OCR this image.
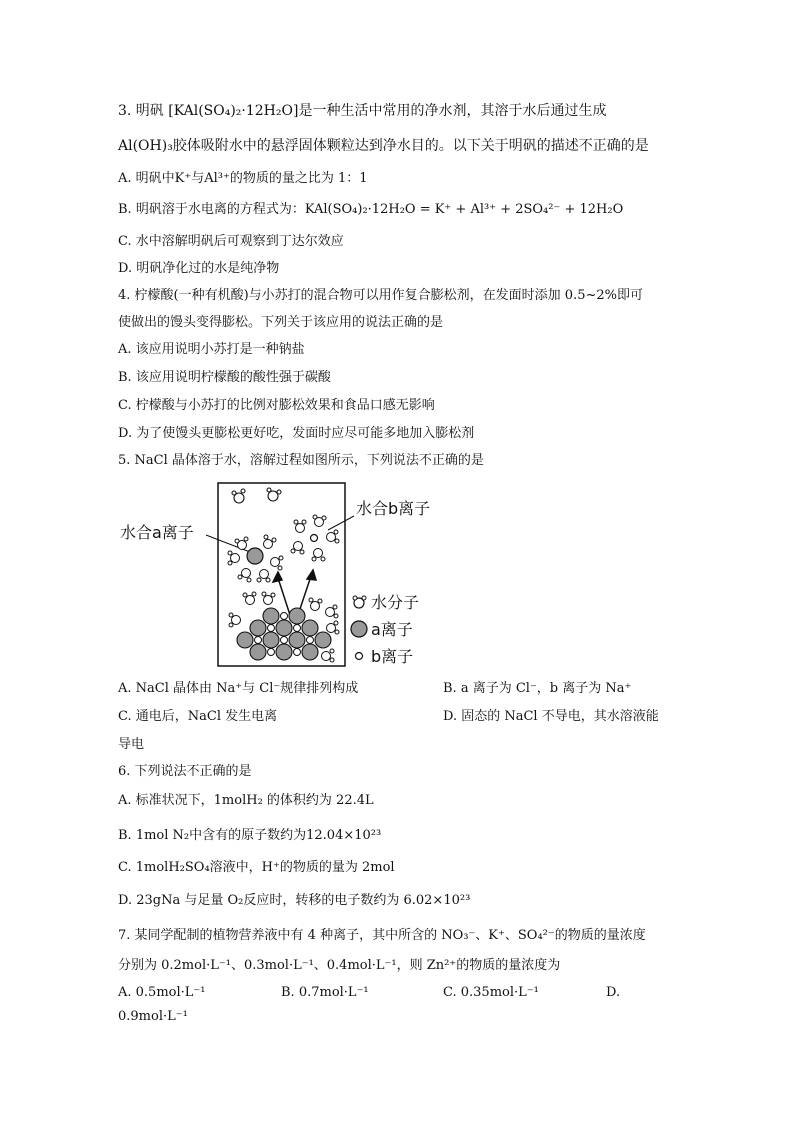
3. 明矾 [KAl(SO₄)₂·12H₂O]是一种生活中常用的净水剂，其溶于水后通过生成
Al(OH)₃胶体吸附水中的悬浮固体颗粒达到净水目的。以下关于明矾的描述不正确的是
A. 明矾中K⁺与Al³⁺的物质的量之比为 1：1
B. 明矾溶于水电离的方程式为：KAl(SO₄)₂·12H₂O = K⁺ + Al³⁺ + 2SO₄²⁻ + 12H₂O
C. 水中溶解明矾后可观察到丁达尔效应
D. 明矾净化过的水是纯净物
4. 柠檬酸(一种有机酸)与小苏打的混合物可以用作复合膨松剂，在发面时添加 0.5~2%即可
使做出的馒头变得膨松。下列关于该应用的说法正确的是
A. 该应用说明小苏打是一种钠盐
B. 该应用说明柠檬酸的酸性强于碳酸
C. 柠檬酸与小苏打的比例对膨松效果和食品口感无影响
D. 为了使馒头更膨松更好吃，发面时应尽可能多地加入膨松剂
5. NaCl 晶体溶于水，溶解过程如图所示，下列说法不正确的是
水合a离子
水合b离子
水分子
a离子
b离子
A. NaCl 晶体由 Na⁺与 Cl⁻规律排列构成	B. a 离子为 Cl⁻，b 离子为 Na⁺
C. 通电后，NaCl 发生电离	D. 固态的 NaCl 不导电，其水溶液能
导电
6. 下列说法不正确的是
A. 标准状况下，1molH₂ 的体积约为 22.4L
B. 1mol N₂中含有的原子数约为12.04×10²³
C. 1molH₂SO₄溶液中，H⁺的物质的量为 2mol
D. 23gNa 与足量 O₂反应时，转移的电子数约为 6.02×10²³
7. 某同学配制的植物营养液中有 4 种离子，其中所含的 NO₃⁻、K⁺、SO₄²⁻的物质的量浓度
分别为 0.2mol·L⁻¹、0.3mol·L⁻¹、0.4mol·L⁻¹，则 Zn²⁺的物质的量浓度为
A. 0.5mol·L⁻¹	B. 0.7mol·L⁻¹	C. 0.35mol·L⁻¹	D.
0.9mol·L⁻¹
